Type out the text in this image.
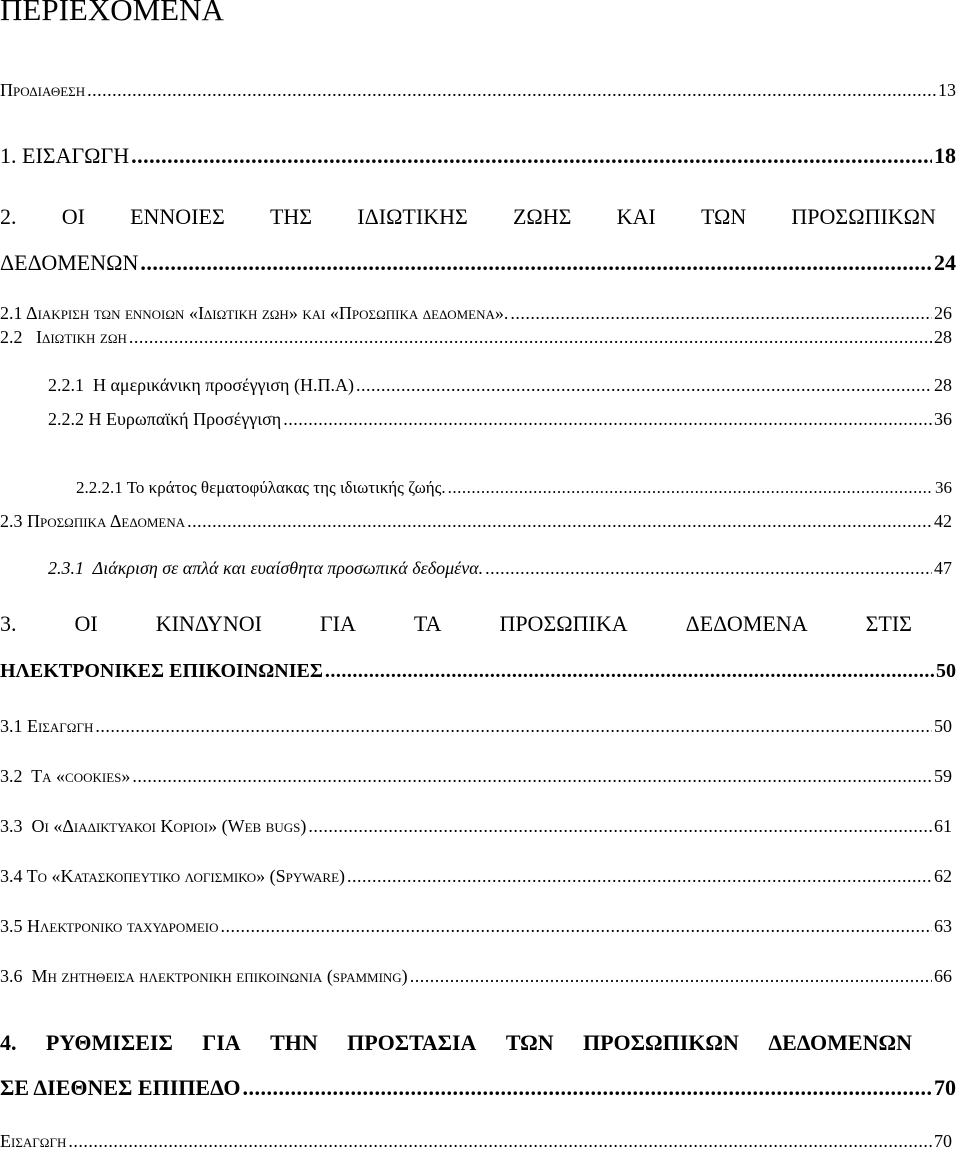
ΠΕΡΙΕΧΟΜΕΝΑ
Προδιαθεση .....	13
1. ΕΙΣΑΓΩΓΗ .....	18
2. ΟΙ ΕΝΝΟΙΕΣ ΤΗΣ ΙΔΙΩΤΙΚΗΣ ΖΩΗΣ ΚΑΙ ΤΩΝ ΠΡΟΣΩΠΙΚΩΝ
ΔΕΔΟΜΕΝΩΝ .....	24
2.1 Διακριση των εννοιων «Ιδιωτικη ζωη» και «Προσωπικα δεδομενα». .....	26
2.2   Ιδιωτικη ζωη .....	28
2.2.1  Η αμερικάνικη προσέγγιση (Η.Π.Α) .....	28
2.2.2 Η Ευρωπαϊκή Προσέγγιση .....	36
2.2.2.1 Το κράτος θεματοφύλακας της ιδιωτικής ζωής. .....	36
2.3 Προσωπικα Δεδομενα .....	42
2.3.1  Διάκριση σε απλά και ευαίσθητα προσωπικά δεδομένα. .....	47
3.	ΟΙ	ΚΙΝΔΥΝΟΙ	ΓΙΑ	ΤΑ	ΠΡΟΣΩΠΙΚΑ	ΔΕΔΟΜΕΝΑ	ΣΤΙΣ
ΗΛΕΚΤΡΟΝΙΚΕΣ ΕΠΙΚΟΙΝΩΝΙΕΣ .....	50
3.1 Εισαγωγη .....	50
3.2  Τα «cookies» .....	59
3.3  Οι «Διαδικτυακοι Κοριοι» (Web bugs) .....	61
3.4 Το «Κατασκοπευτικο λογισμικο» (Spyware) .....	62
3.5 Ηλεκτρονικο ταχυδρομειο .....	63
3.6  Μη ζητηθεισα ηλεκτρονικη επικοινωνια (spamming) .....	66
4. ΡΥΘΜΙΣΕΙΣ ΓΙΑ ΤΗΝ ΠΡΟΣΤΑΣΙΑ ΤΩΝ ΠΡΟΣΩΠΙΚΩΝ ΔΕΔΟΜΕΝΩΝ
ΣΕ ΔΙΕΘΝΕΣ ΕΠΙΠΕΔΟ .....	70
Εισαγωγη .....	70
